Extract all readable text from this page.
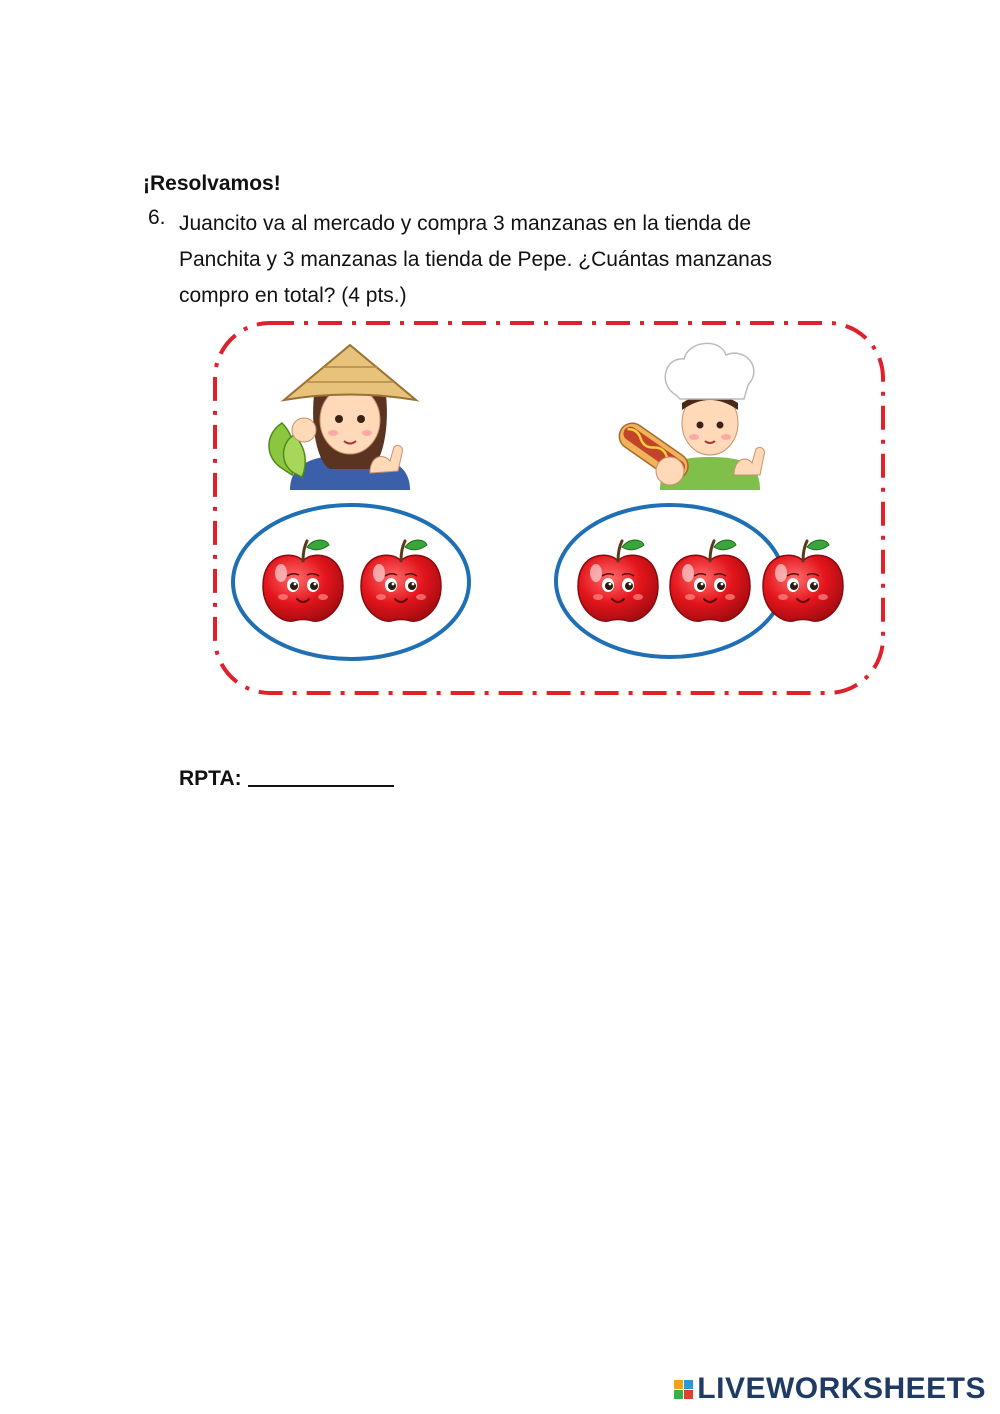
¡Resolvamos!
6. Juancito va al mercado y compra 3 manzanas en la tienda de
Panchita y 3 manzanas la tienda de Pepe. ¿Cuántas manzanas
compro en total? (4 pts.)
RPTA:
LIVEWORKSHEETS
